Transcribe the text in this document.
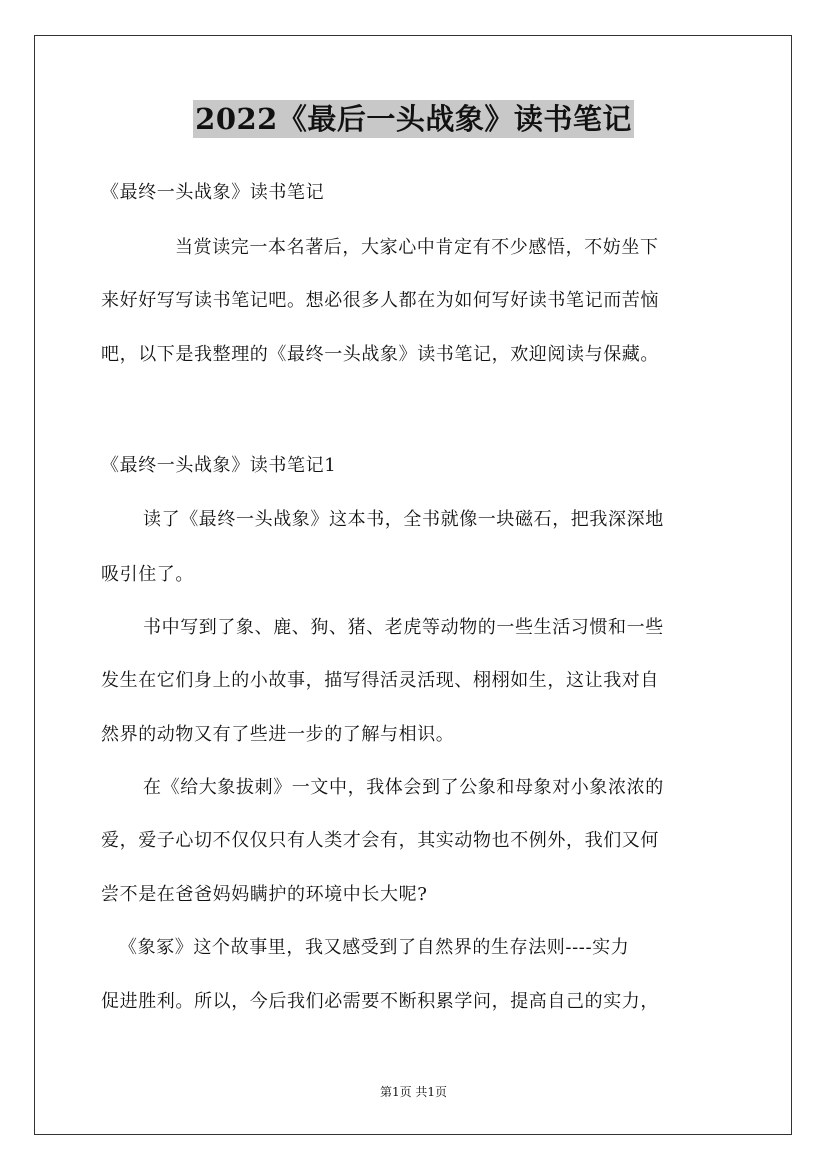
2022《最后一头战象》读书笔记
《最终一头战象》读书笔记
当赏读完一本名著后，大家心中肯定有不少感悟，不妨坐下
来好好写写读书笔记吧。想必很多人都在为如何写好读书笔记而苦恼
吧，以下是我整理的《最终一头战象》读书笔记，欢迎阅读与保藏。
《最终一头战象》读书笔记1
读了《最终一头战象》这本书，全书就像一块磁石，把我深深地
吸引住了。
书中写到了象、鹿、狗、猪、老虎等动物的一些生活习惯和一些
发生在它们身上的小故事，描写得活灵活现、栩栩如生，这让我对自
然界的动物又有了些进一步的了解与相识。
在《给大象拔刺》一文中，我体会到了公象和母象对小象浓浓的
爱，爱子心切不仅仅只有人类才会有，其实动物也不例外，我们又何
尝不是在爸爸妈妈瞒护的环境中长大呢?
《象冢》这个故事里，我又感受到了自然界的生存法则----实力
促进胜利。所以，今后我们必需要不断积累学问，提高自己的实力，
第1页 共1页
